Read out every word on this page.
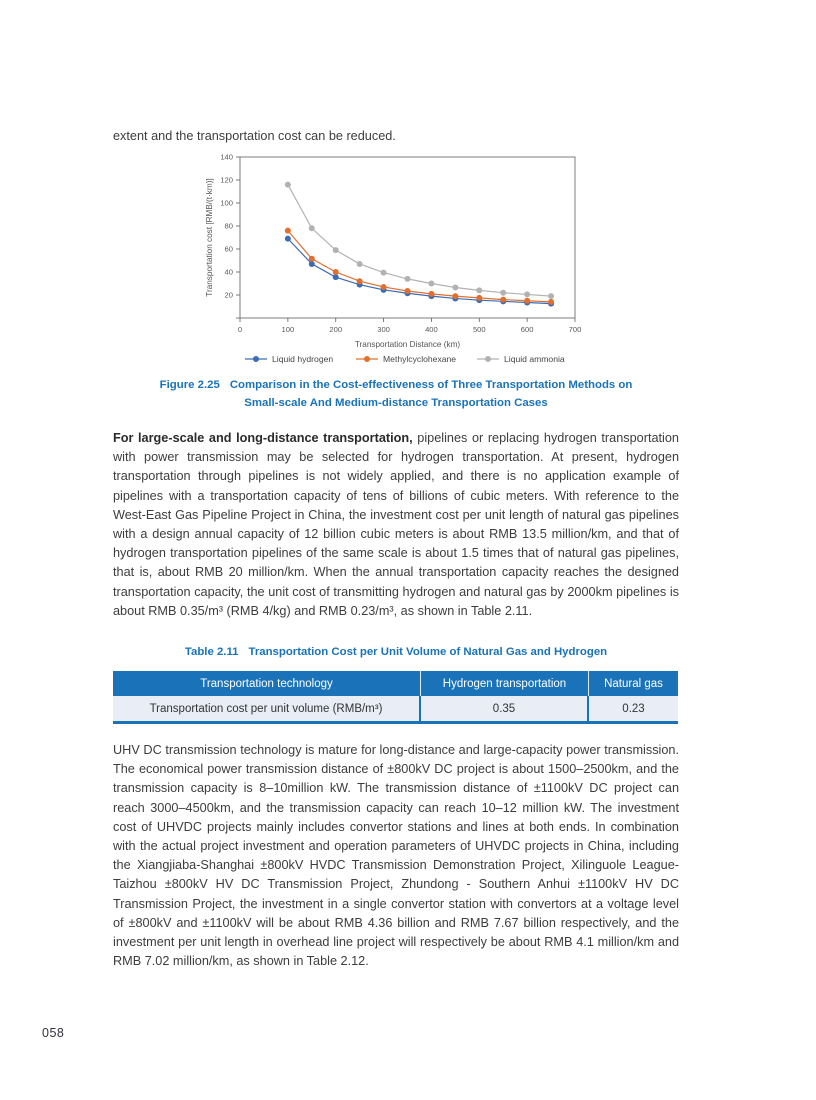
extent and the transportation cost can be reduced.
20
40
60
80
100
120
140
0	100	200	300	400	500	600	700
Transportation cost [RMB/(t·km)]
Transportation Distance (km)
Liquid hydrogen	Methylcyclohexane	Liquid ammonia
Figure 2.25 Comparison in the Cost-effectiveness of Three Transportation Methods on Small-scale And Medium-distance Transportation Cases
For large-scale and long-distance transportation, pipelines or replacing hydrogen transportation with power transmission may be selected for hydrogen transportation. At present, hydrogen transportation through pipelines is not widely applied, and there is no application example of pipelines with a transportation capacity of tens of billions of cubic meters. With reference to the West-East Gas Pipeline Project in China, the investment cost per unit length of natural gas pipelines with a design annual capacity of 12 billion cubic meters is about RMB 13.5 million/km, and that of hydrogen transportation pipelines of the same scale is about 1.5 times that of natural gas pipelines, that is, about RMB 20 million/km. When the annual transportation capacity reaches the designed transportation capacity, the unit cost of transmitting hydrogen and natural gas by 2000km pipelines is about RMB 0.35/m³ (RMB 4/kg) and RMB 0.23/m³, as shown in Table 2.11.
Table 2.11 Transportation Cost per Unit Volume of Natural Gas and Hydrogen
Transportation technology	Hydrogen transportation	Natural gas
Transportation cost per unit volume (RMB/m³)	0.35	0.23
UHV DC transmission technology is mature for long-distance and large-capacity power transmission. The economical power transmission distance of ±800kV DC project is about 1500–2500km, and the transmission capacity is 8–10million kW. The transmission distance of ±1100kV DC project can reach 3000–4500km, and the transmission capacity can reach 10–12 million kW. The investment cost of UHVDC projects mainly includes convertor stations and lines at both ends. In combination with the actual project investment and operation parameters of UHVDC projects in China, including the Xiangjiaba-Shanghai ±800kV HVDC Transmission Demonstration Project, Xilinguole League- Taizhou ±800kV HV DC Transmission Project, Zhundong - Southern Anhui ±1100kV HV DC Transmission Project, the investment in a single convertor station with convertors at a voltage level of ±800kV and ±1100kV will be about RMB 4.36 billion and RMB 7.67 billion respectively, and the investment per unit length in overhead line project will respectively be about RMB 4.1 million/km and RMB 7.02 million/km, as shown in Table 2.12.
058
